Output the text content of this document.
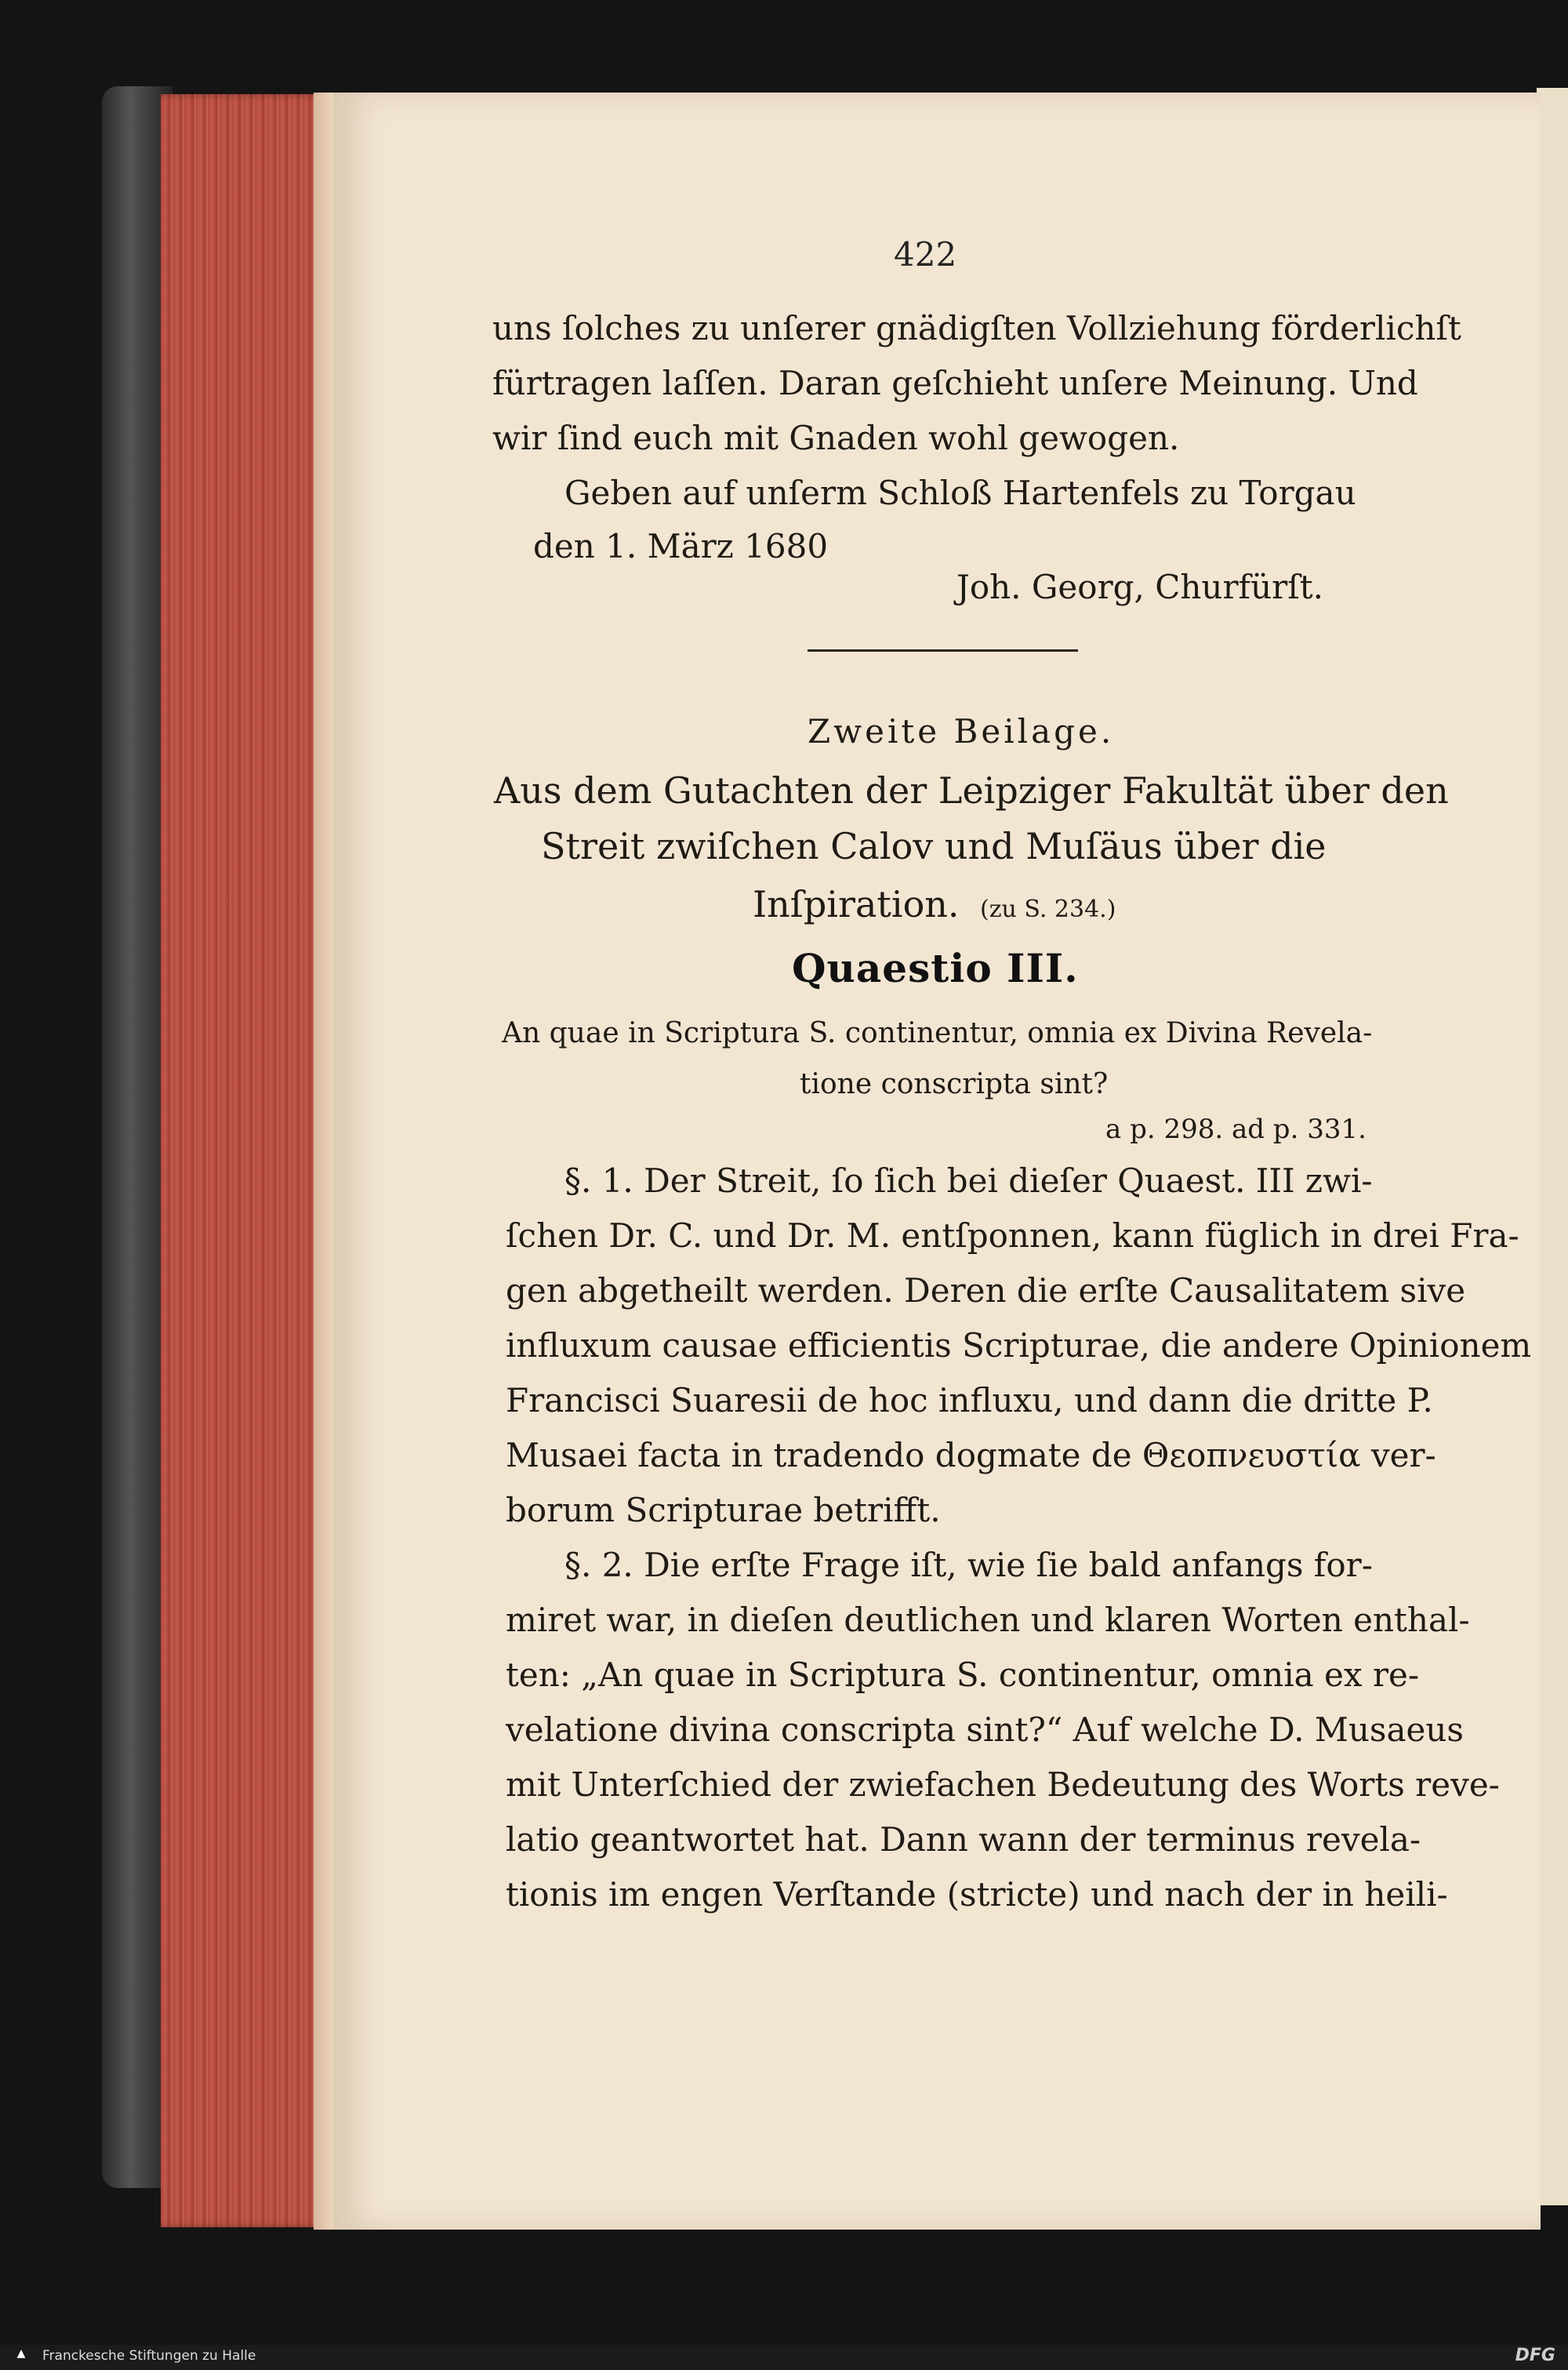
422
uns ſolches zu unſerer gnädigſten Vollziehung förderlichſt
fürtragen laſſen. Daran geſchieht unſere Meinung. Und
wir ſind euch mit Gnaden wohl gewogen.
Geben auf unſerm Schloß Hartenfels zu Torgau
den 1. März 1680
Joh. Georg, Churfürſt.
Zweite Beilage.
Aus dem Gutachten der Leipziger Fakultät über den
Streit zwiſchen Calov und Muſäus über die
Inſpiration. (zu S. 234.)
Quaestio III.
An quae in Scriptura S. continentur, omnia ex Divina Revela-
tione conscripta sint?
a p. 298. ad p. 331.
§. 1. Der Streit, ſo ſich bei dieſer Quaest. III zwi-
ſchen Dr. C. und Dr. M. entſponnen, kann füglich in drei Fra-
gen abgetheilt werden. Deren die erſte Causalitatem sive
influxum causae efficientis Scripturae, die andere Opinionem
Francisci Suaresii de hoc influxu, und dann die dritte P.
Musaei facta in tradendo dogmate de Θεοπνευστία ver-
borum Scripturae betrifft.
§. 2. Die erſte Frage iſt, wie ſie bald anfangs for-
miret war, in dieſen deutlichen und klaren Worten enthal-
ten: „An quae in Scriptura S. continentur, omnia ex re-
velatione divina conscripta sint?“ Auf welche D. Musaeus
mit Unterſchied der zwiefachen Bedeutung des Worts reve-
latio geantwortet hat. Dann wann der terminus revela-
tionis im engen Verſtande (stricte) und nach der in heili-
▲	Franckesche Stiftungen zu Halle	DFG
